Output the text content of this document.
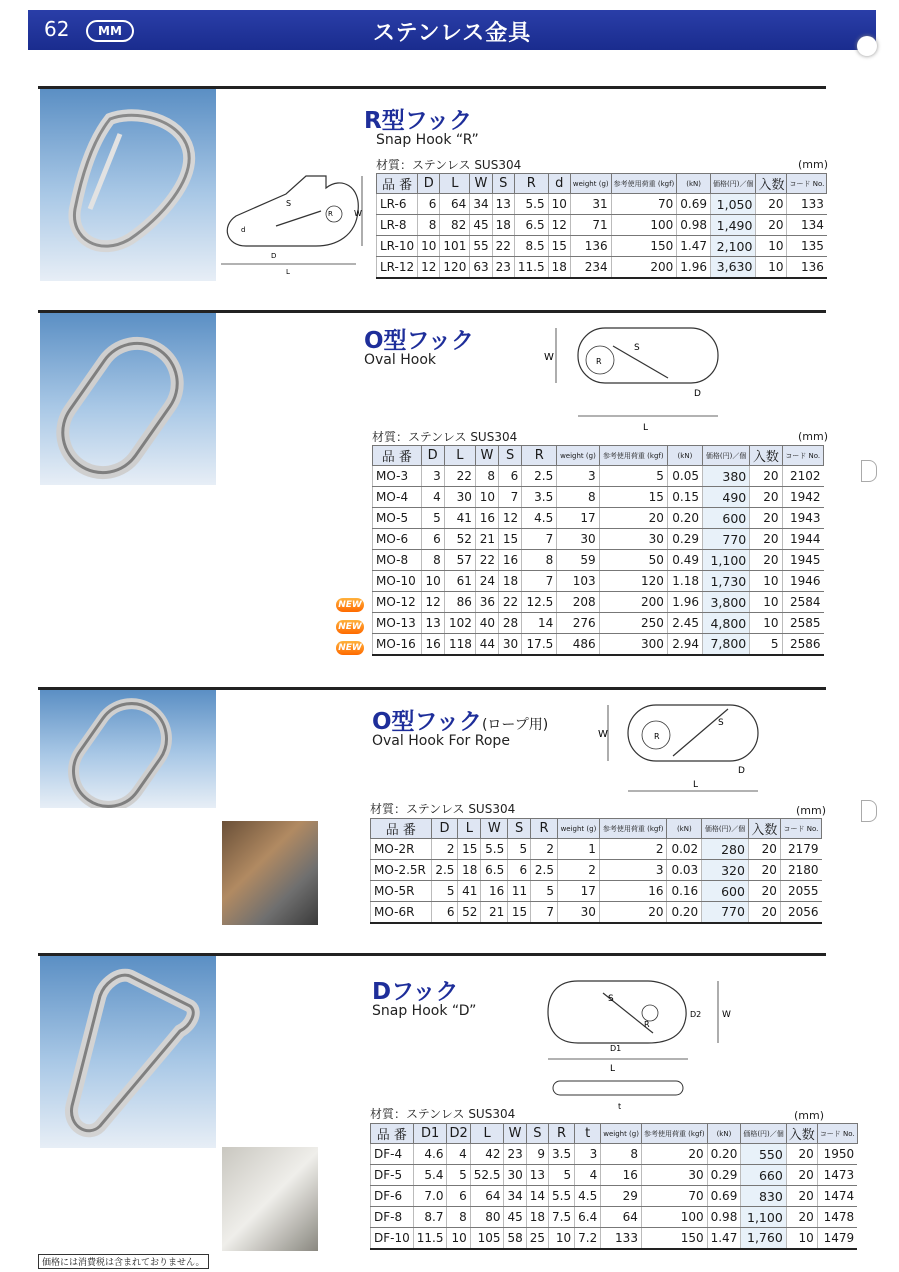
62	MM	ステンレス金具
S
R
d
D
W
L
R型フック
Snap Hook “R”
材質：ステンレス SUS304	(mm)
品 番	D	L	W	S	R	d	weight (g)	参考使用荷重 (kgf)	(kN)	価格(円)／個	入数	コード No.
LR-6	6	64	34	13	5.5	10	31	70	0.69	1,050	20	133
LR-8	8	82	45	18	6.5	12	71	100	0.98	1,490	20	134
LR-10	10	101	55	22	8.5	15	136	150	1.47	2,100	10	135
LR-12	12	120	63	23	11.5	18	234	200	1.96	3,630	10	136
W	R
S
D
L
O型フック
Oval Hook
材質：ステンレス SUS304	(mm)
NEW
NEW
NEW
品 番	D	L	W	S	R	weight (g)	参考使用荷重 (kgf)	(kN)	価格(円)／個	入数	コード No.
MO-3	3	22	8	6	2.5	3	5	0.05	380	20	2102
MO-4	4	30	10	7	3.5	8	15	0.15	490	20	1942
MO-5	5	41	16	12	4.5	17	20	0.20	600	20	1943
MO-6	6	52	21	15	7	30	30	0.29	770	20	1944
MO-8	8	57	22	16	8	59	50	0.49	1,100	20	1945
MO-10	10	61	24	18	7	103	120	1.18	1,730	10	1946
MO-12	12	86	36	22	12.5	208	200	1.96	3,800	10	2584
MO-13	13	102	40	28	14	276	250	2.45	4,800	10	2585
MO-16	16	118	44	30	17.5	486	300	2.94	7,800	5	2586
W	R
S
D
L
O型フック(ロープ用)
Oval Hook For Rope
材質：ステンレス SUS304	(mm)
品 番	D	L	W	S	R	weight (g)	参考使用荷重 (kgf)	(kN)	価格(円)／個	入数	コード No.
MO-2R	2	15	5.5	5	2	1	2	0.02	280	20	2179
MO-2.5R	2.5	18	6.5	6	2.5	2	3	0.03	320	20	2180
MO-5R	5	41	16	11	5	17	16	0.16	600	20	2055
MO-6R	6	52	21	15	7	30	20	0.20	770	20	2056
S
R
D2 W
D1
L
t
Dフック
Snap Hook “D”
材質：ステンレス SUS304	(mm)
品 番	D1	D2	L	W	S	R	t	weight (g)	参考使用荷重 (kgf)	(kN)	価格(円)／個	入数	コード No.
DF-4	4.6	4	42	23	9	3.5	3	8	20	0.20	550	20	1950
DF-5	5.4	5	52.5	30	13	5	4	16	30	0.29	660	20	1473
DF-6	7.0	6	64	34	14	5.5	4.5	29	70	0.69	830	20	1474
DF-8	8.7	8	80	45	18	7.5	6.4	64	100	0.98	1,100	20	1478
DF-10	11.5	10	105	58	25	10	7.2	133	150	1.47	1,760	10	1479
価格には消費税は含まれておりません。
